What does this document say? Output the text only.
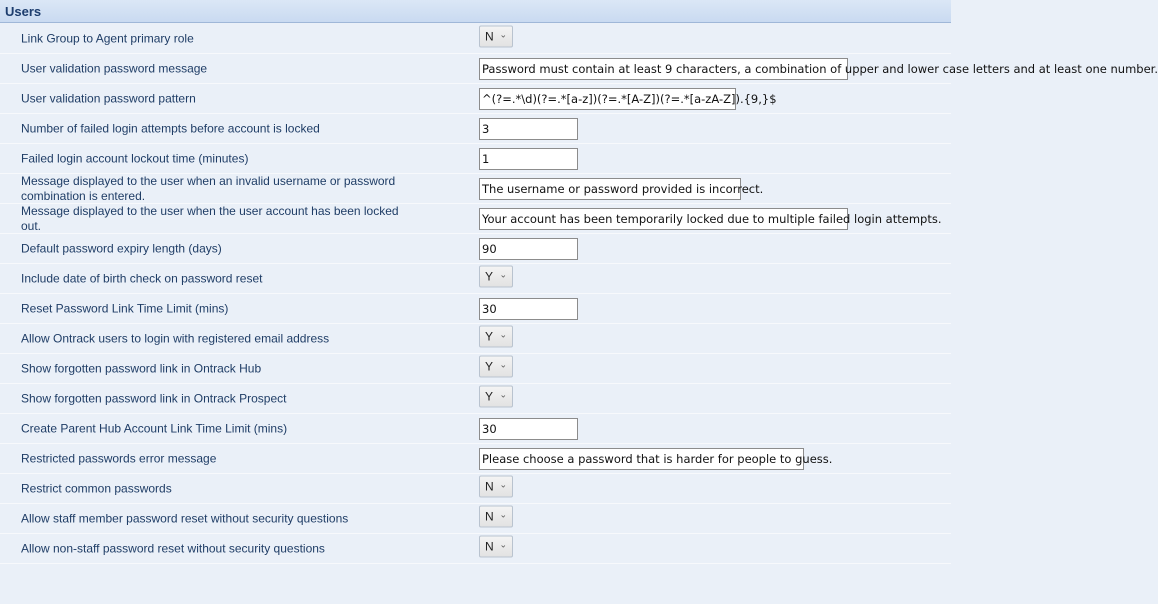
Users
Link Group to Agent primary role	N ⌄
User validation password message	Password must contain at least 9 characters, a combination of upper and lower case letters and at least one number.
User validation password pattern	^(?=.*\d)(?=.*[a-z])(?=.*[A-Z])(?=.*[a-zA-Z]).{9,}$
Number of failed login attempts before account is locked	3
Failed login account lockout time (minutes)	1
Message displayed to the user when an invalid username or password combination is entered.	The username or password provided is incorrect.
Message displayed to the user when the user account has been locked out.	Your account has been temporarily locked due to multiple failed login attempts.
Default password expiry length (days)	90
Include date of birth check on password reset	Y ⌄
Reset Password Link Time Limit (mins)	30
Allow Ontrack users to login with registered email address	Y ⌄
Show forgotten password link in Ontrack Hub	Y ⌄
Show forgotten password link in Ontrack Prospect	Y ⌄
Create Parent Hub Account Link Time Limit (mins)	30
Restricted passwords error message	Please choose a password that is harder for people to guess.
Restrict common passwords	N ⌄
Allow staff member password reset without security questions	N ⌄
Allow non-staff password reset without security questions	N ⌄
